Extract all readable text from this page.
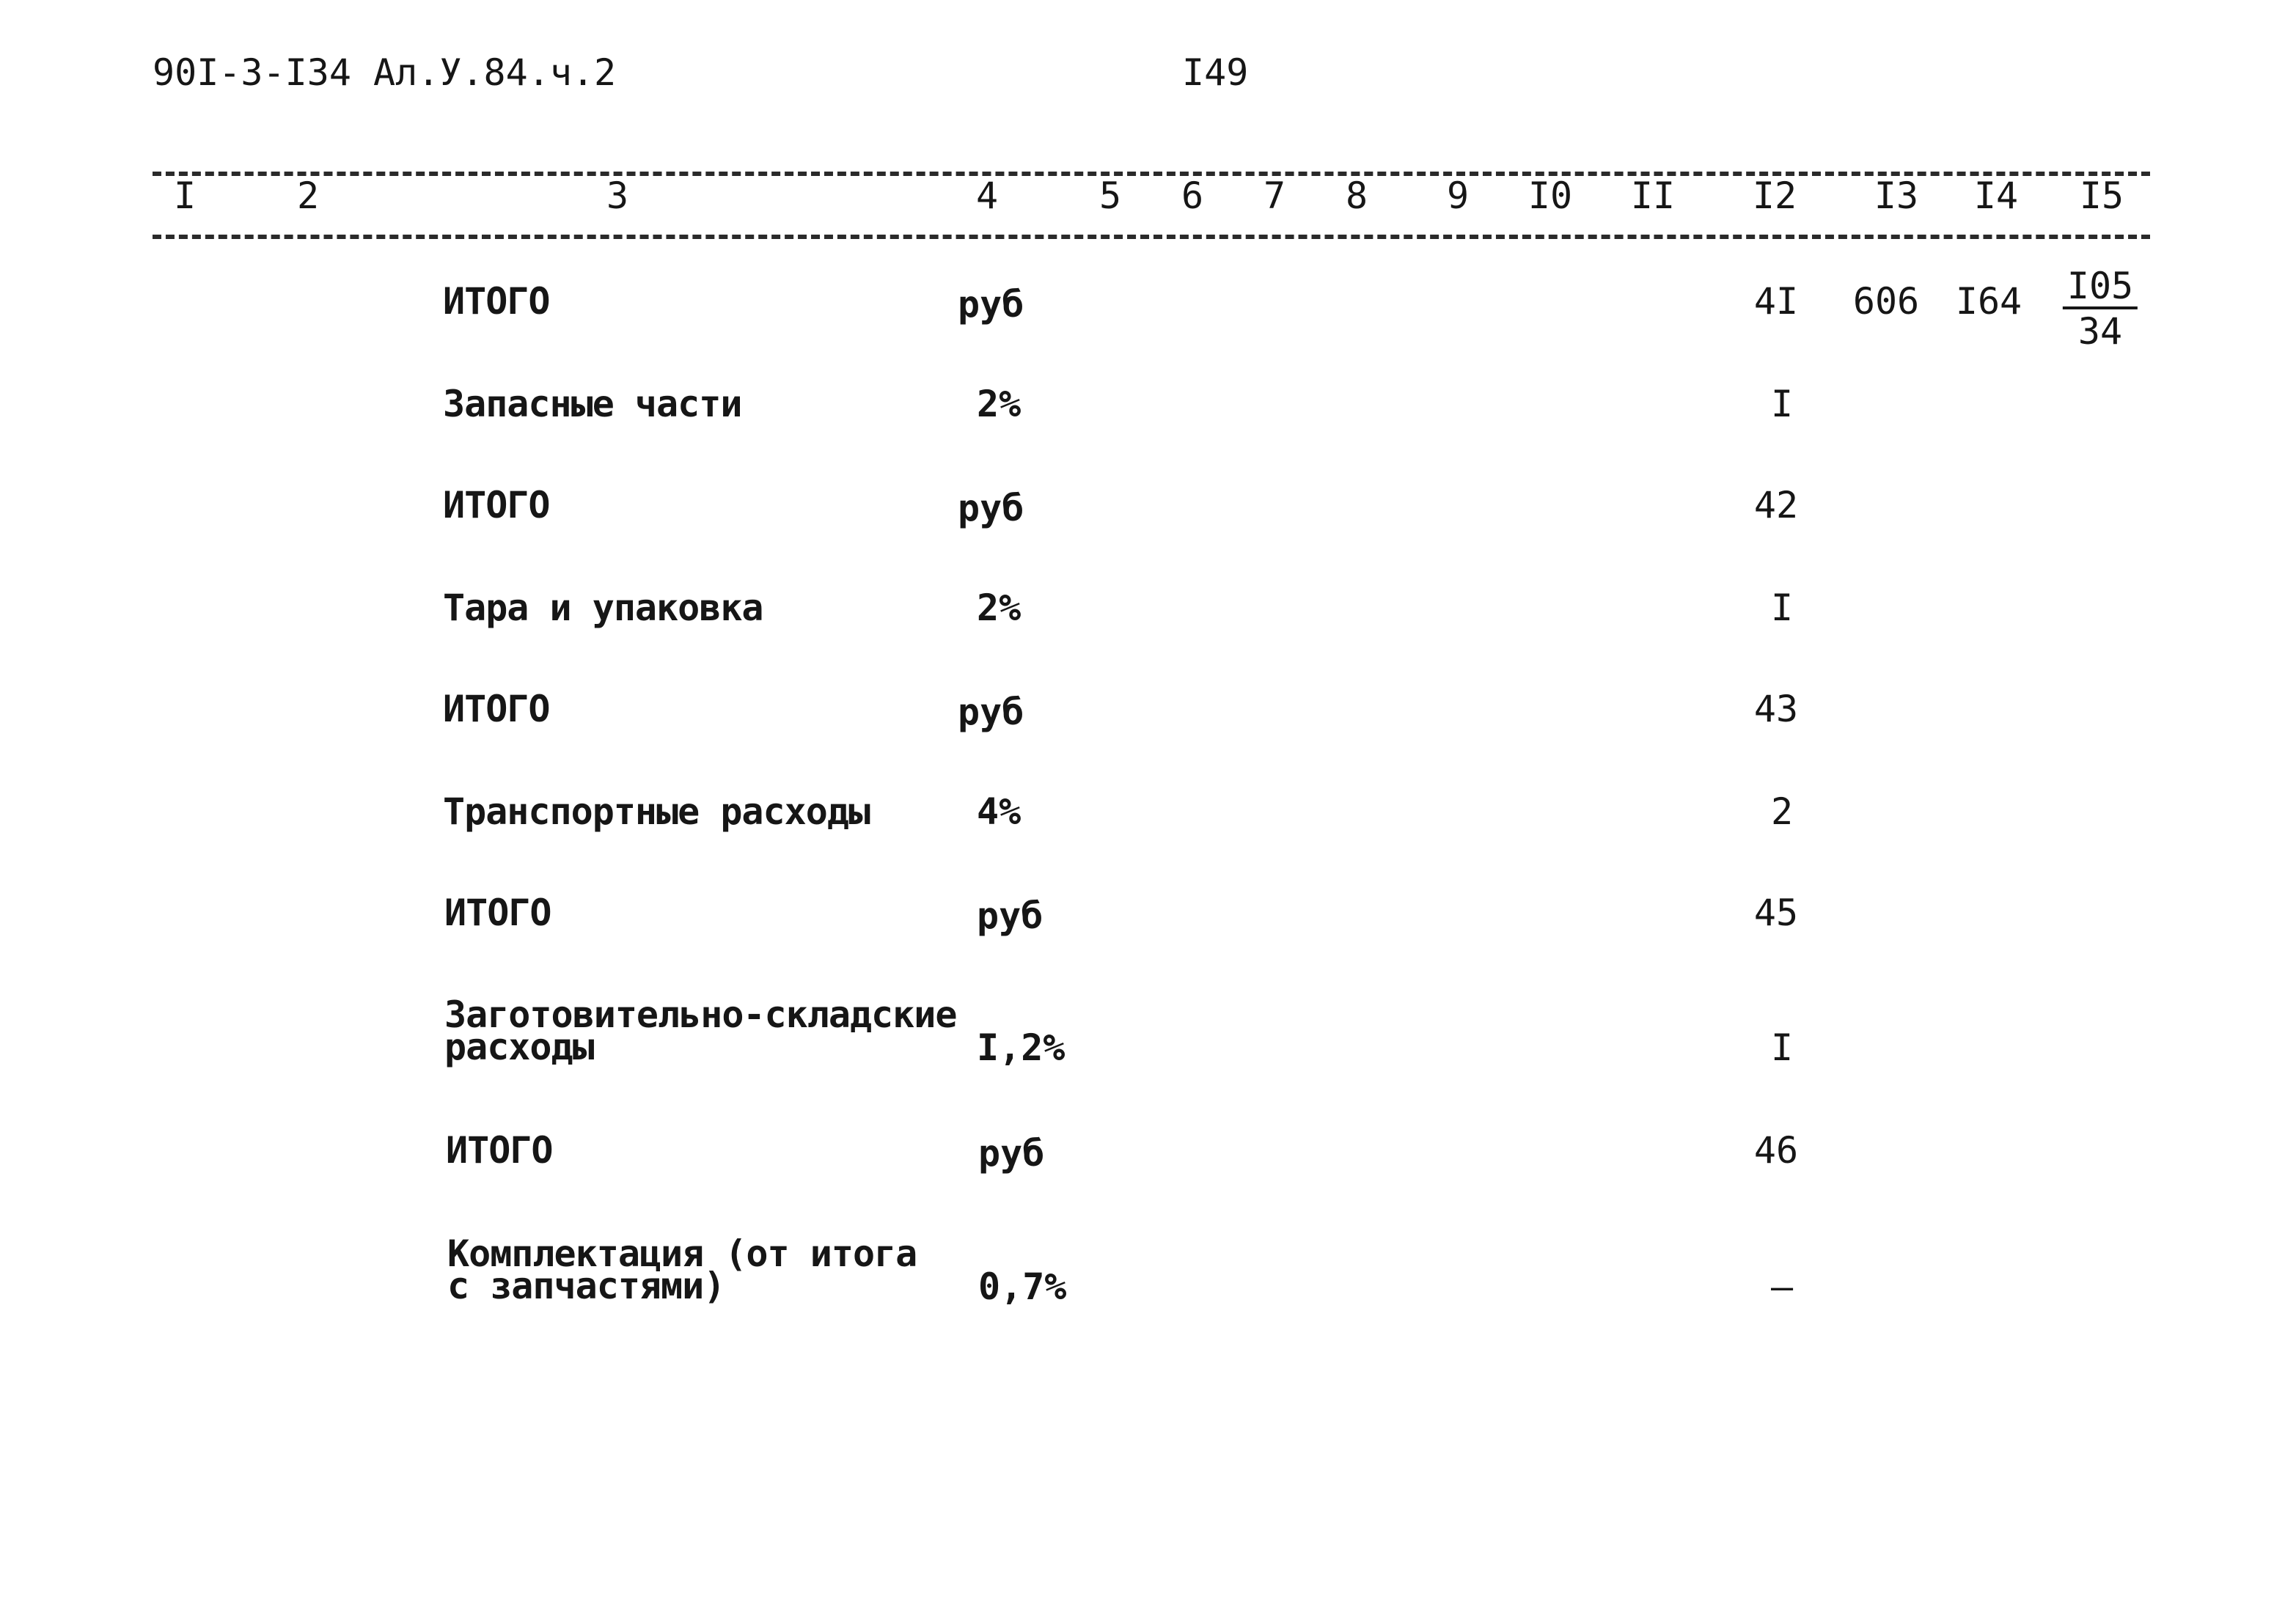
90I-3-I34 Ал.У.84.ч.2	I49
I	2	3	4	5 6 7 8 9 I0 II I2 I3 I4 I5
ИТОГО	руб	4I 606 $I64 \frac{I05}{34}$
Запасные части	2%	I
ИТОГО	руб	42
Тара и упаковка	2%	I
ИТОГО	руб	43
Транспортные расходы	4%	2
ИТОГО	руб	45
Заготовительно-складские
расходы	I,2%	I
ИТОГО	руб	46
Комплектация (от итога
с запчастями)	0,7%	–
